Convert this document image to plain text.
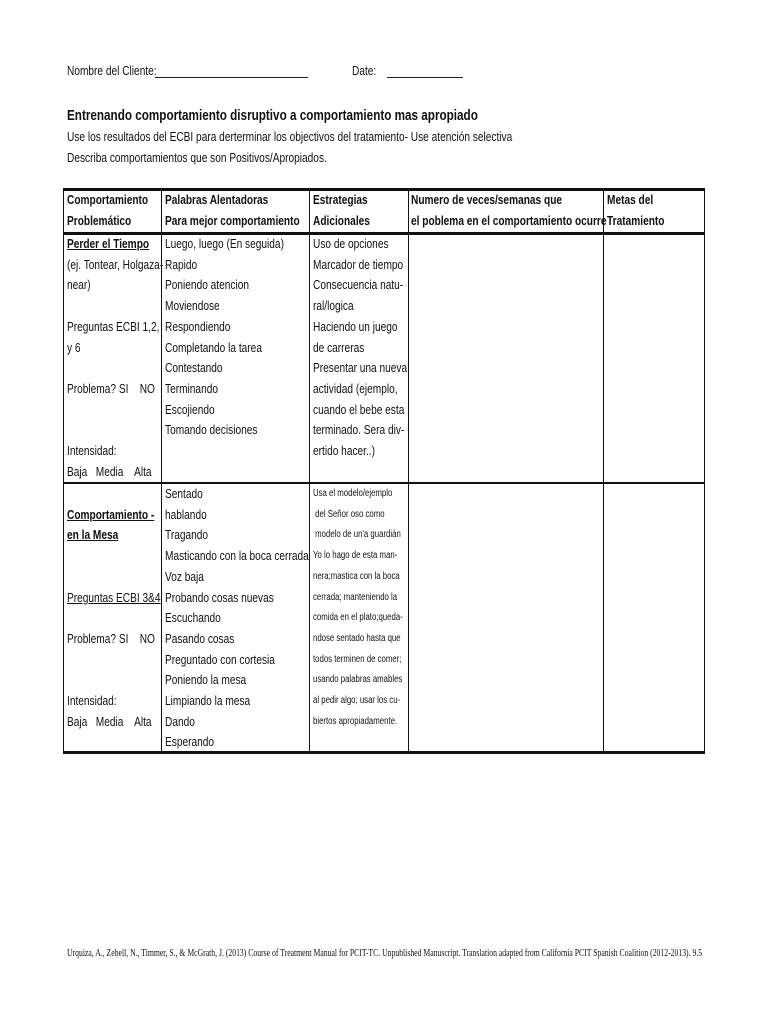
Nombre del Cliente:	Date:
Entrenando comportamiento disruptivo a comportamiento mas apropiado
Use los resultados del ECBI para derterminar los objectivos del tratamiento- Use atención selectiva
Describa comportamientos que son Positivos/Apropiados.
Comportamiento
Problemático
Palabras Alentadoras
Para mejor comportamiento
Estrategias
Adicionales
Numero de veces/semanas que
el poblema en el comportamiento ocurre
Metas del
Tratamiento
Perder el Tiempo
(ej. Tontear, Holgaza-
near)

Preguntas ECBI 1,2,
y 6

Problema? SI    NO

Intensidad:
Baja   Media    Alta
Luego, luego (En seguida)
Rapido
Poniendo atencion
Moviendose
Respondiendo
Completando la tarea
Contestando
Terminando
Escojiendo
Tomando decisiones
Uso de opciones
Marcador de tiempo
Consecuencia natu-
ral/logica
Haciendo un juego
de carreras
Presentar una nueva
actividad (ejemplo,
cuando el bebe esta
terminado. Sera div-
ertido hacer..)

Comportamiento -
en la Mesa

Preguntas ECBI 3&4

Problema? SI    NO

Intensidad:
Baja   Media    Alta
Sentado
hablando
Tragando
Masticando con la boca cerrada
Voz baja
Probando cosas nuevas
Escuchando
Pasando cosas
Preguntado con cortesia
Poniendo la mesa
Limpiando la mesa
Dando
Esperando
Usa el modelo/ejemplo
del Señor oso como
modelo de un'a guardián
Yo lo hago de esta man-
nera;mastica con la boca
cerrada; manteniendo la
comida en el plato;queda-
ndose sentado hasta que
todos terminen de comer;
usando palabras amables
al pedir algo; usar los cu-
biertos apropiadamente.
Urquiza, A., Zebell, N., Timmer, S., & McGrath, J. (2013) Course of Treatment Manual for PCIT-TC. Unpublished Manuscript. Translation adapted from California PCIT Spanish Coalition (2012-2013). 9.5
